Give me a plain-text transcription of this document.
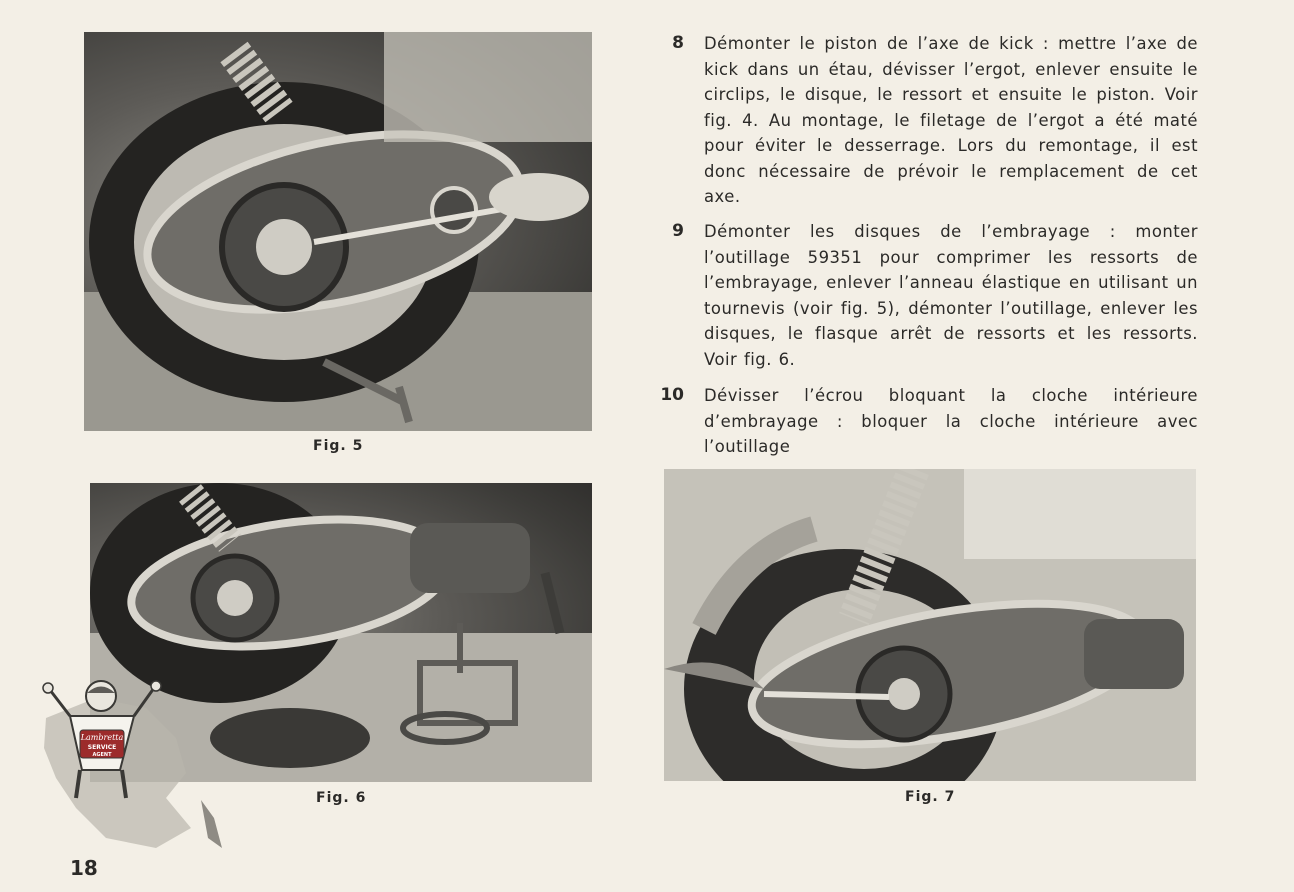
Fig. 5
Fig. 6	Fig. 7
8 Démonter le piston de l’axe de kick : mettre l’axe de kick dans un étau, dévisser l’ergot, enlever ensuite le circlips, le disque, le ressort et ensuite le piston. Voir fig. 4. Au montage, le filetage de l’ergot a été maté pour éviter le desserrage. Lors du remontage, il est donc nécessaire de prévoir le remplacement de cet axe.
9 Démonter les disques de l’embrayage : monter l’outillage 59351 pour comprimer les ressorts de l’embrayage, enlever l’anneau élastique en utilisant un tournevis (voir fig. 5), démonter l’outillage, enlever les disques, le flasque arrêt de ressorts et les ressorts. Voir fig. 6.
10 Dévisser l’écrou bloquant la cloche intérieure d’embrayage : bloquer la cloche intérieure avec l’outillage
Lambretta
SERVICE
AGENT
18
